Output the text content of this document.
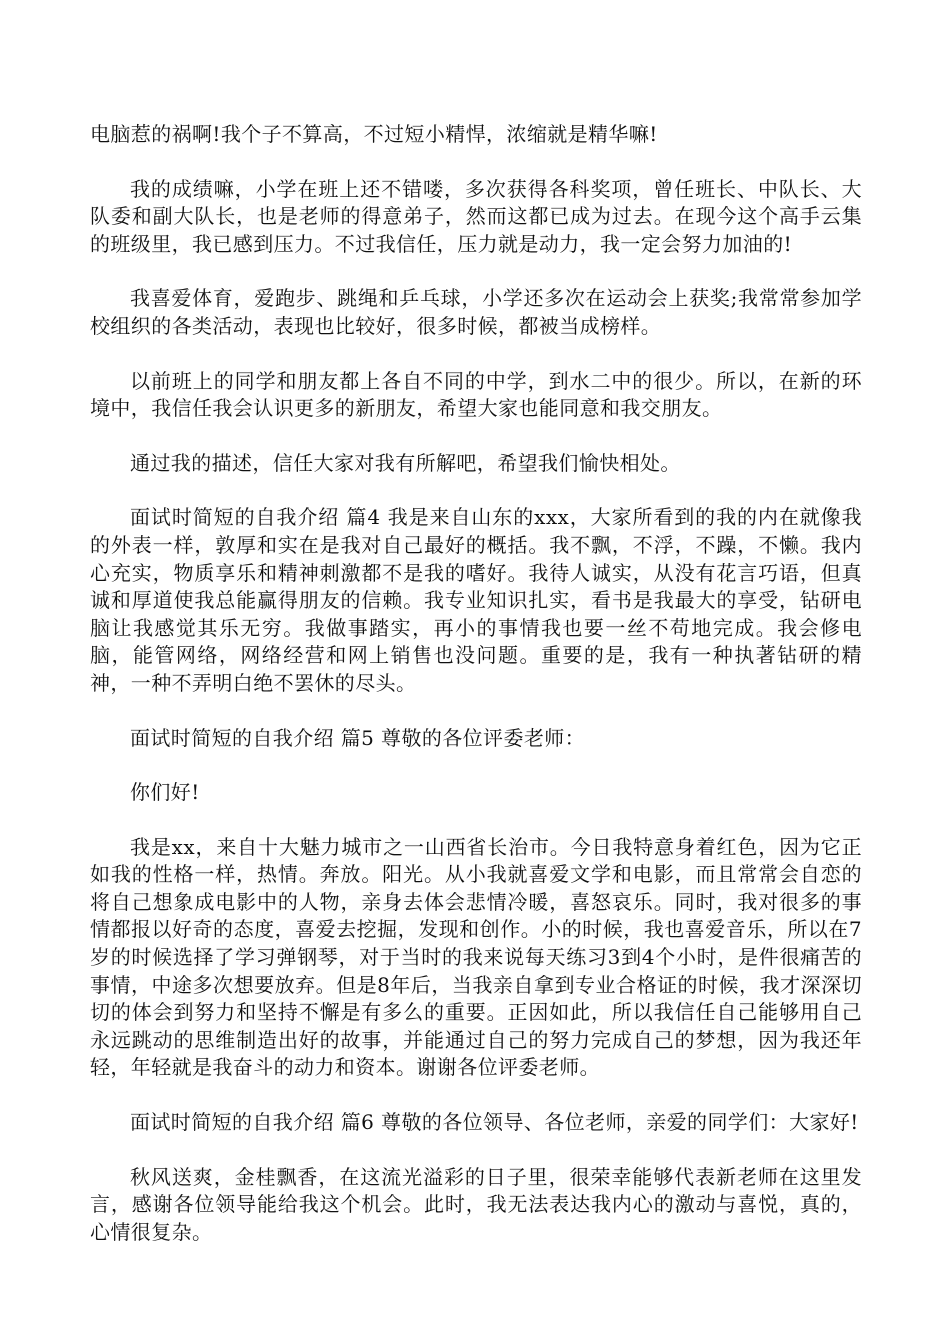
电脑惹的祸啊!我个子不算高，不过短小精悍，浓缩就是精华嘛!

我的成绩嘛，小学在班上还不错喽，多次获得各科奖项，曾任班长、中队长、大队委和副大队长，也是老师的得意弟子，然而这都已成为过去。在现今这个高手云集的班级里，我已感到压力。不过我信任，压力就是动力，我一定会努力加油的!

我喜爱体育，爱跑步、跳绳和乒乓球，小学还多次在运动会上获奖;我常常参加学校组织的各类活动，表现也比较好，很多时候，都被当成榜样。

以前班上的同学和朋友都上各自不同的中学，到水二中的很少。所以，在新的环境中，我信任我会认识更多的新朋友，希望大家也能同意和我交朋友。

通过我的描述，信任大家对我有所解吧，希望我们愉快相处。

面试时简短的自我介绍 篇4 我是来自山东的xxx，大家所看到的我的内在就像我的外表一样，敦厚和实在是我对自己最好的概括。我不飘，不浮，不躁，不懒。我内心充实，物质享乐和精神刺激都不是我的嗜好。我待人诚实，从没有花言巧语，但真诚和厚道使我总能赢得朋友的信赖。我专业知识扎实，看书是我最大的享受，钻研电脑让我感觉其乐无穷。我做事踏实，再小的事情我也要一丝不苟地完成。我会修电脑，能管网络，网络经营和网上销售也没问题。重要的是，我有一种执著钻研的精神，一种不弄明白绝不罢休的尽头。

面试时简短的自我介绍 篇5 尊敬的各位评委老师：

你们好!

我是xx，来自十大魅力城市之一山西省长治市。今日我特意身着红色，因为它正如我的性格一样，热情。奔放。阳光。从小我就喜爱文学和电影，而且常常会自恋的将自己想象成电影中的人物，亲身去体会悲情冷暖，喜怒哀乐。同时，我对很多的事情都报以好奇的态度，喜爱去挖掘，发现和创作。小的时候，我也喜爱音乐，所以在7岁的时候选择了学习弹钢琴，对于当时的我来说每天练习3到4个小时，是件很痛苦的事情，中途多次想要放弃。但是8年后，当我亲自拿到专业合格证的时候，我才深深切切的体会到努力和坚持不懈是有多么的重要。正因如此，所以我信任自己能够用自己永远跳动的思维制造出好的故事，并能通过自己的努力完成自己的梦想，因为我还年轻，年轻就是我奋斗的动力和资本。谢谢各位评委老师。

面试时简短的自我介绍 篇6 尊敬的各位领导、各位老师，亲爱的同学们：大家好!

秋风送爽，金桂飘香，在这流光溢彩的日子里，很荣幸能够代表新老师在这里发言，感谢各位领导能给我这个机会。此时，我无法表达我内心的激动与喜悦，真的，心情很复杂。
